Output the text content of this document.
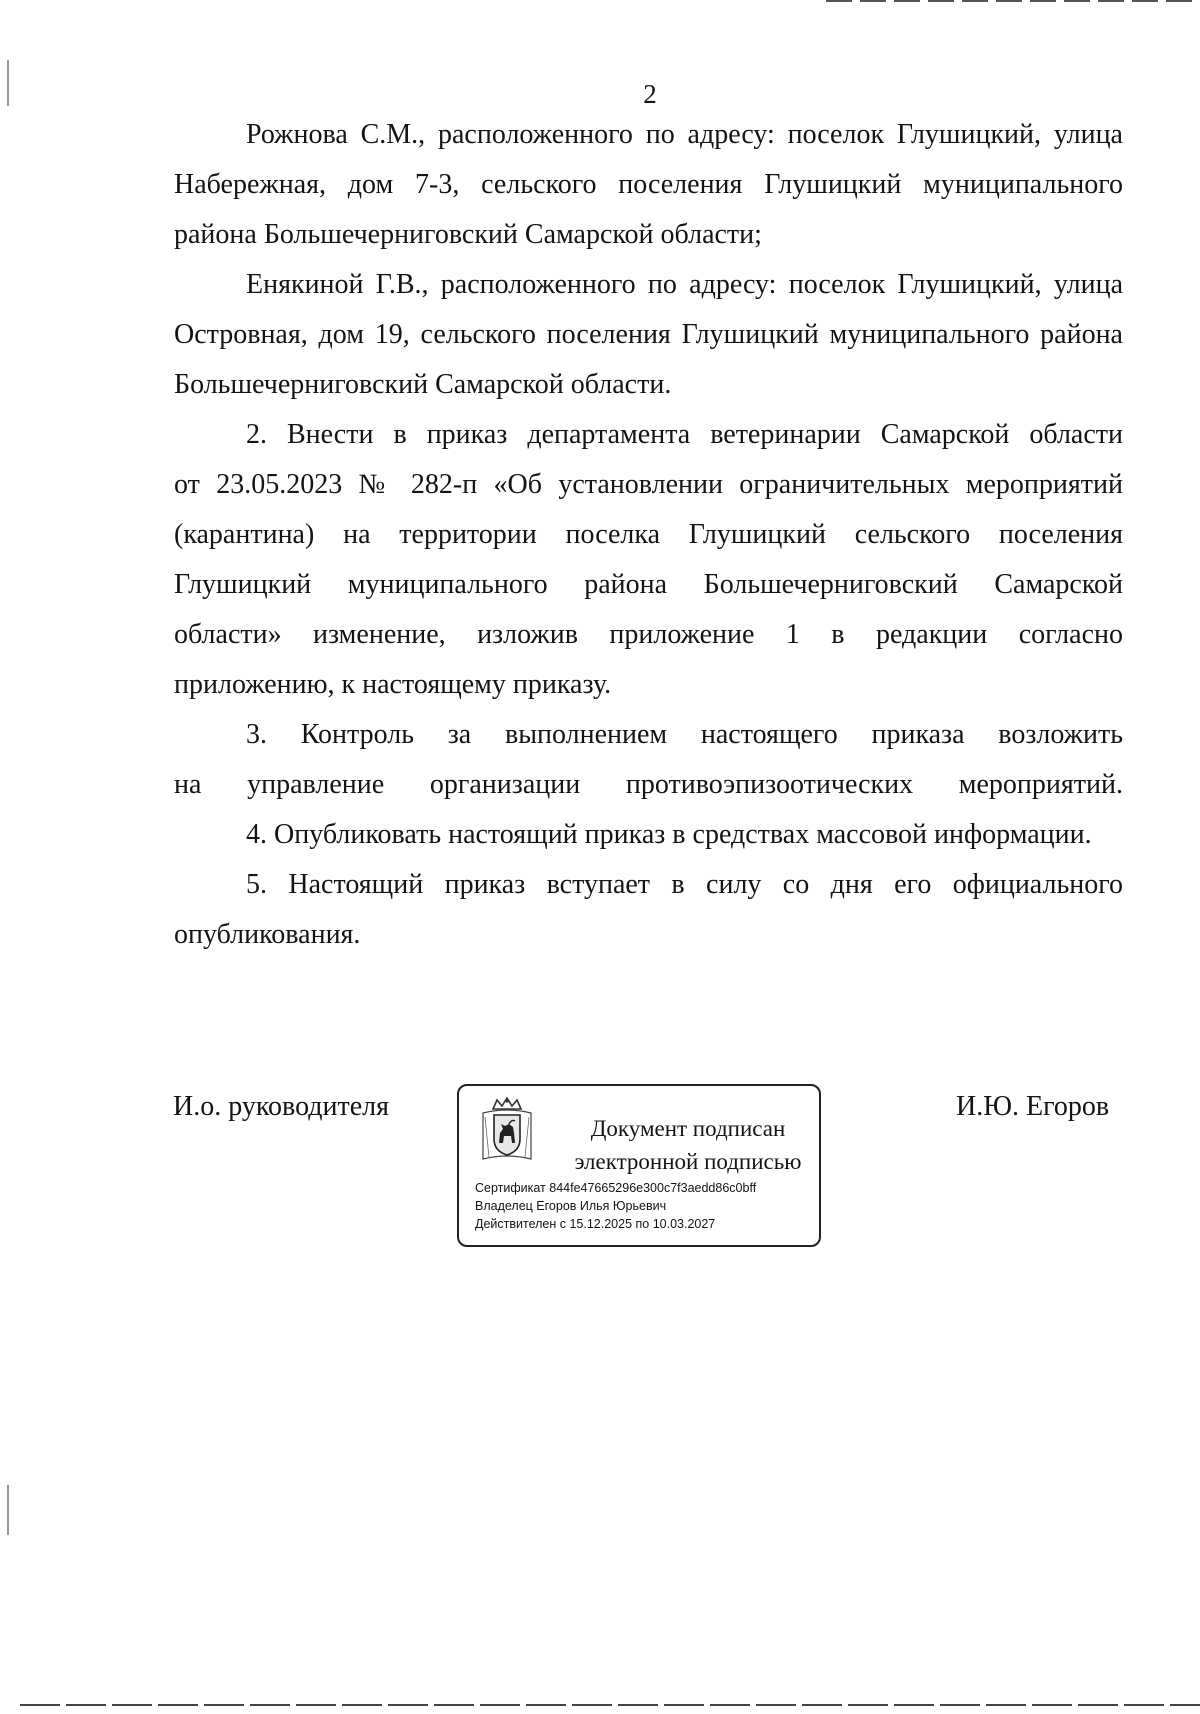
2

Рожнова С.М., расположенного по адресу: поселок Глушицкий, улица

Набережная, дом 7-3, сельского поселения Глушицкий муниципального

района Большечерниговский Самарской области;

Енякиной Г.В., расположенного по адресу: поселок Глушицкий, улица

Островная, дом 19, сельского поселения Глушицкий муниципального района

Большечерниговский Самарской области.

2. Внести в приказ департамента ветеринарии Самарской области

от 23.05.2023 № 282-п «Об установлении ограничительных мероприятий

(карантина) на территории поселка Глушицкий сельского поселения

Глушицкий муниципального района Большечерниговский Самарской

области» изменение, изложив приложение 1 в редакции согласно

приложению, к настоящему приказу.

3. Контроль за выполнением настоящего приказа возложить

на управление организации противоэпизоотических мероприятий.

4. Опубликовать настоящий приказ в средствах массовой информации.

5. Настоящий приказ вступает в силу со дня его официального

опубликования.

И.о. руководителя
Документ подписан
электронной подписью
Сертификат 844fe47665296e300c7f3aedd86c0bff
Владелец Егоров Илья Юрьевич
Действителен с 15.12.2025 по 10.03.2027
И.Ю. Егоров
